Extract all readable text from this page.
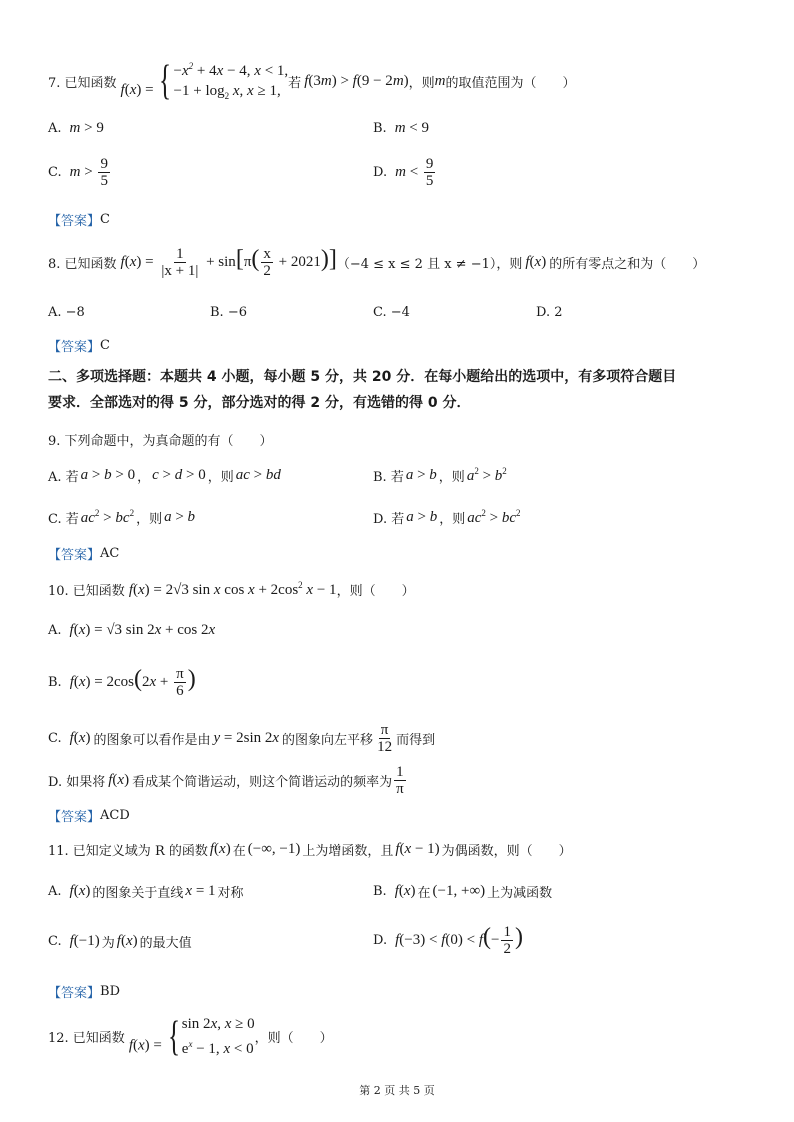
7. 已知函数 f(x) = { $-x^2 + 4x - 4$, x < 1,
$-1 + \log_2 x$, x ≥ 1, 若 f(3m) > f(9 − 2m) ，则 m 的取值范围为（　　）
A. m > 9	B. m < 9
C. $m > \frac{9}{5}$	D. $m < \frac{9}{5}$
【答案】 C
8. 已知函数 $f(x) = \frac{1}{|x + 1|} + \sin[\pi( \frac{x}{2} + 2021)] (-4 \le x \le 2$ 且 x ≠ −1），则 f(x) 的所有零点之和为（　　）
A. −8	B. −6	C. −4	D. 2
【答案】 C
二、多项选择题：本题共 4 小题，每小题 5 分，共 20 分．在每小题给出的选项中，有多项符合题目
要求．全部选对的得 5 分，部分选对的得 2 分，有选错的得 0 分．
9. 下列命题中，为真命题的有（　　）
A. 若 a > b > 0 ， c > d > 0 ，则 ac > bd	B. 若 a > b ，则 $a^2 > b^2$
C. 若 $ac^2 > bc^2$ ，则 a > b	D. 若 a > b ，则 $ac^2 > bc^2$
【答案】 AC
10. 已知函数 f(x) = 2√3 sin x $\cos x + 2\cos^2$ x − 1 ，则（　　）
A. f(x) = √3 sin 2x + cos 2x
B. $f(x) = 2\cos(2x + \frac{\pi}{6}$ )
C. f(x) 的图象可以看作是由 y = 2sin 2x 的图象向左平移 $\frac{\pi}{12}$ 而得到
D. 如果将 f(x) 看成某个简谐运动，则这个简谐运动的频率为 $\frac{1}{\pi}$
【答案】 ACD
11. 已知定义域为 R 的函数 f(x) 在 (−∞, −1) 上为增函数，且 f(x − 1) 为偶函数，则（　　）
A. f(x) 的图象关于直线 x = 1 对称	B. f(x) 在 (−1, +∞) 上为减函数
C. f(−1) 为 f(x) 的最大值	D. $f(-3) < f(0) < f(- \frac{1}{2}$ )
【答案】 BD
12. 已知函数 f(x) = { sin 2x, x ≥ 0
$e^x - 1$, x < 0
，则（　　）
第 2 页 共 5 页
